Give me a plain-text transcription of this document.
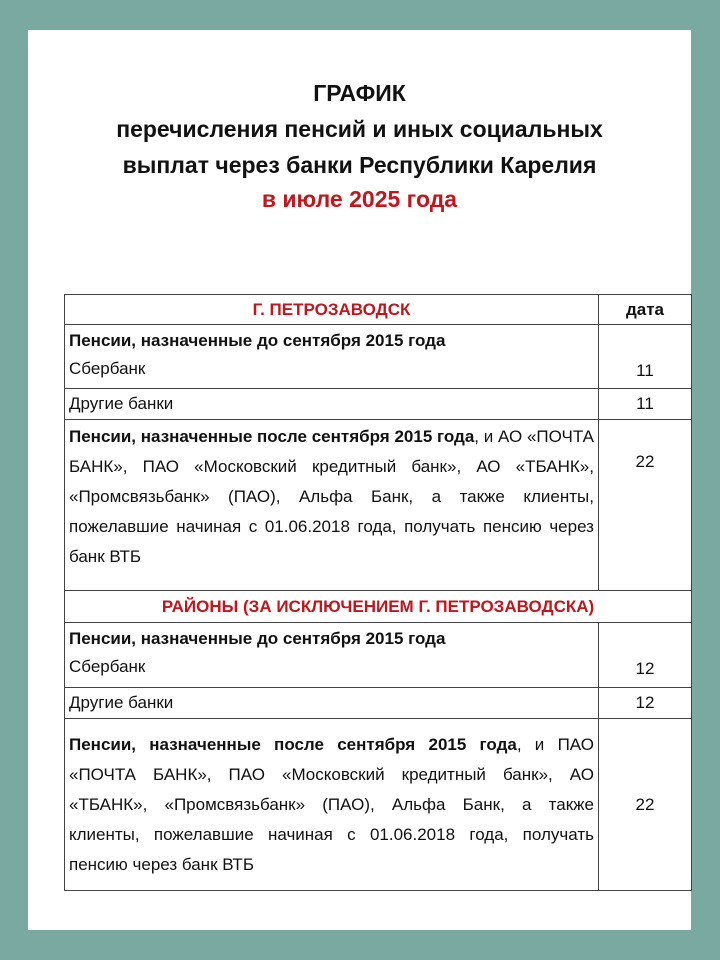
ГРАФИК
перечисления пенсий и иных социальных
выплат через банки Республики Карелия
в июле 2025 года
Г. ПЕТРОЗАВОДСК	дата

Пенсии, назначенные до сентября 2015 года
Сбербанк	11

Другие банки	11
Пенсии, назначенные после сентября 2015 года, и АО «ПОЧТА БАНК», ПАО «Московский кредитный банк», АО «ТБАНК», «Промсвязьбанк» (ПАО), Альфа Банк, а также клиенты, пожелавшие начиная с 01.06.2018 года, получать пенсию через банк ВТБ	22

РАЙОНЫ (ЗА ИСКЛЮЧЕНИЕМ Г. ПЕТРОЗАВОДСКА)	

Пенсии, назначенные до сентября 2015 года
Сбербанк	12

Другие банки	12
Пенсии, назначенные после сентября 2015 года, и ПАО «ПОЧТА БАНК», ПАО «Московский кредитный банк», АО «ТБАНК», «Промсвязьбанк» (ПАО), Альфа Банк, а также клиенты, пожелавшие начиная с 01.06.2018 года, получать пенсию через банк ВТБ	22
